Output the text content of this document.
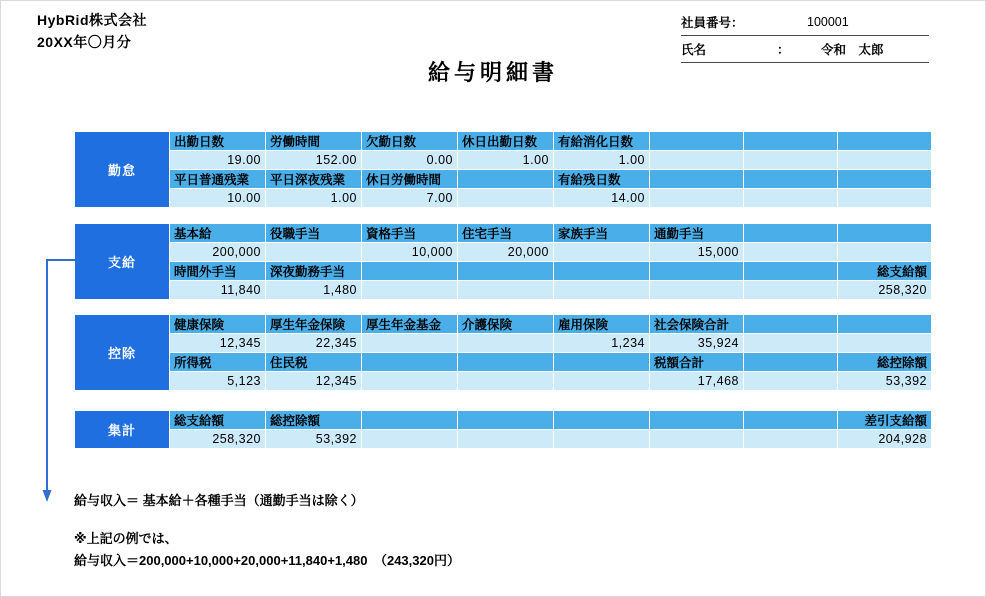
HybRid株式会社
20XX年〇月分
社員番号：	100001
氏名	：	令和　太郎
給与明細書
勤怠	出勤日数	労働時間	欠勤日数	休日出勤日数	有給消化日数			
	19.00	152.00	0.00	1.00	1.00			
	平日普通残業	平日深夜残業	休日労働時間		有給残日数			
	10.00	1.00	7.00		14.00			
支給	基本給	役職手当	資格手当	住宅手当	家族手当	通勤手当		
	200,000		10,000	20,000		15,000		
	時間外手当	深夜勤務手当						総支給額
	11,840	1,480						258,320
控除	健康保険	厚生年金保険	厚生年金基金	介護保険	雇用保険	社会保険合計		
	12,345	22,345			1,234	35,924		
	所得税	住民税				税額合計		総控除額
	5,123	12,345				17,468		53,392
集計	総支給額	総控除額						差引支給額
	258,320	53,392						204,928
給与収入＝ 基本給＋各種手当（通勤手当は除く）
※上記の例では、
給与収入＝200,000+10,000+20,000+11,840+1,480　（243,320円）
